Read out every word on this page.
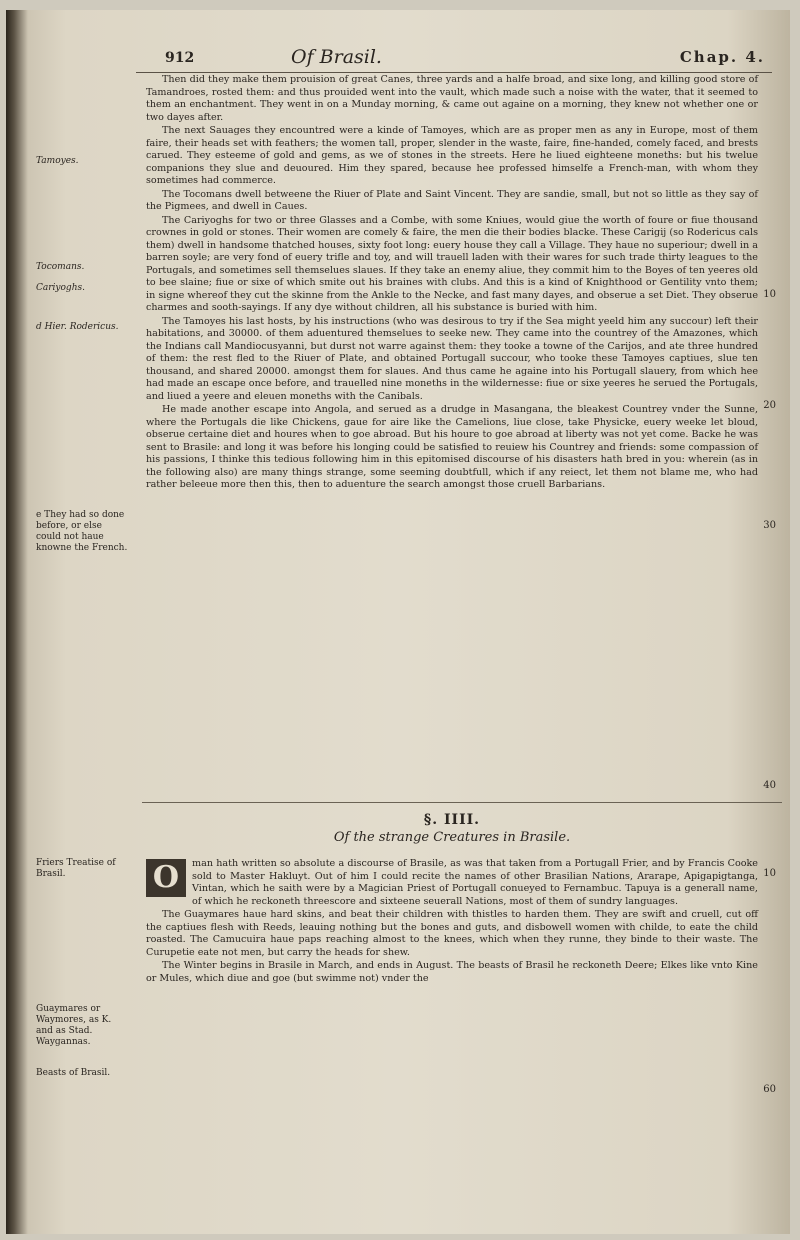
912	Of Brasil.	Chap. 4.
Tamoyes.
Tocomans.
Cariyoghs.
d Hier. Rodericus.
e They had so done before, or else could not haue knowne the French.
Friers Treatise of Brasil.
Guaymares or Waymores, as K. and as Stad. Waygannas.
Beasts of Brasil.

Then did they make them prouision of great Canes, three yards and a halfe broad, and sixe long, and killing good store of Tamandroes, rosted them: and thus prouided went into the vault, which made such a noise with the water, that it seemed to them an enchantment. They went in on a Munday morning, & came out againe on a morning, they knew not whether one or two dayes after.

The next Sauages they encountred were a kinde of Tamoyes, which are as proper men as any in Europe, most of them faire, their heads set with feathers; the women tall, proper, slender in the waste, faire, fine-handed, comely faced, and brests carued. They esteeme of gold and gems, as we of stones in the streets. Here he liued eighteene moneths: but his twelue companions they slue and deuoured. Him they spared, because hee professed himselfe a French-man, with whom they sometimes had commerce.

The Tocomans dwell betweene the Riuer of Plate and Saint Vincent. They are sandie, small, but not so little as they say of the Pigmees, and dwell in Caues.

The Cariyoghs for two or three Glasses and a Combe, with some Kniues, would giue the worth of foure or fiue thousand crownes in gold or stones. Their women are comely & faire, the men die their bodies blacke. These Carigij (so Rodericus cals them) dwell in handsome thatched houses, sixty foot long: euery house they call a Village. They haue no superiour; dwell in a barren soyle; are very fond of euery trifle and toy, and will trauell laden with their wares for such trade thirty leagues to the Portugals, and sometimes sell themselues slaues. If they take an enemy aliue, they commit him to the Boyes of ten yeeres old to bee slaine; fiue or sixe of which smite out his braines with clubs. And this is a kind of Knighthood or Gentility vnto them; in signe whereof they cut the skinne from the Ankle to the Necke, and fast many dayes, and obserue a set Diet. They obserue charmes and sooth-sayings. If any dye without children, all his substance is buried with him.

The Tamoyes his last hosts, by his instructions (who was desirous to try if the Sea might yeeld him any succour) left their habitations, and 30000. of them aduentured themselues to seeke new. They came into the countrey of the Amazones, which the Indians call Mandiocusyanni, but durst not warre against them: they tooke a towne of the Carijos, and ate three hundred of them: the rest fled to the Riuer of Plate, and obtained Portugall succour, who tooke these Tamoyes captiues, slue ten thousand, and shared 20000. amongst them for slaues. And thus came he againe into his Portugall slauery, from which hee had made an escape once before, and trauelled nine moneths in the wildernesse: fiue or sixe yeeres he serued the Portugals, and liued a yeere and eleuen moneths with the Canibals.

He made another escape into Angola, and serued as a drudge in Masangana, the bleakest Countrey vnder the Sunne, where the Portugals die like Chickens, gaue for aire like the Camelions, liue close, take Physicke, euery weeke let bloud, obserue certaine diet and houres when to goe abroad. But his houre to goe abroad at liberty was not yet come. Backe he was sent to Brasile: and long it was before his longing could be satisfied to reuiew his Countrey and friends: some compassion of his passions, I thinke this tedious following him in this epitomised discourse of his disasters hath bred in you: wherein (as in the following also) are many things strange, some seeming doubtfull, which if any reiect, let them not blame me, who had rather beleeue more then this, then to aduenture the search amongst those cruell Barbarians.

§. IIII.
Of the strange Creatures in Brasile.
O	man hath written so absolute a discourse of Brasile, as was that taken from a Portugall Frier, and by Francis Cooke sold to Master Hakluyt. Out of him I could recite the names of other Brasilian Nations, Ararape, Apigapigtanga, Vintan, which he saith were by a Magician Priest of Portugall conueyed to Fernambuc. Tapuya is a generall name, of which he reckoneth threescore and sixteene seuerall Nations, most of them of sundry languages.

The Guaymares haue hard skins, and beat their children with thistles to harden them. They are swift and cruell, cut off the captiues flesh with Reeds, leauing nothing but the bones and guts, and disbowell women with childe, to eate the child roasted. The Camucuira haue paps reaching almost to the knees, which when they runne, they binde to their waste. The Curupetie eate not men, but carry the heads for shew.

The Winter begins in Brasile in March, and ends in August. The beasts of Brasil he reckoneth Deere; Elkes like vnto Kine or Mules, which diue and goe (but swimme not) vnder the

10
20
30
40
10
60
